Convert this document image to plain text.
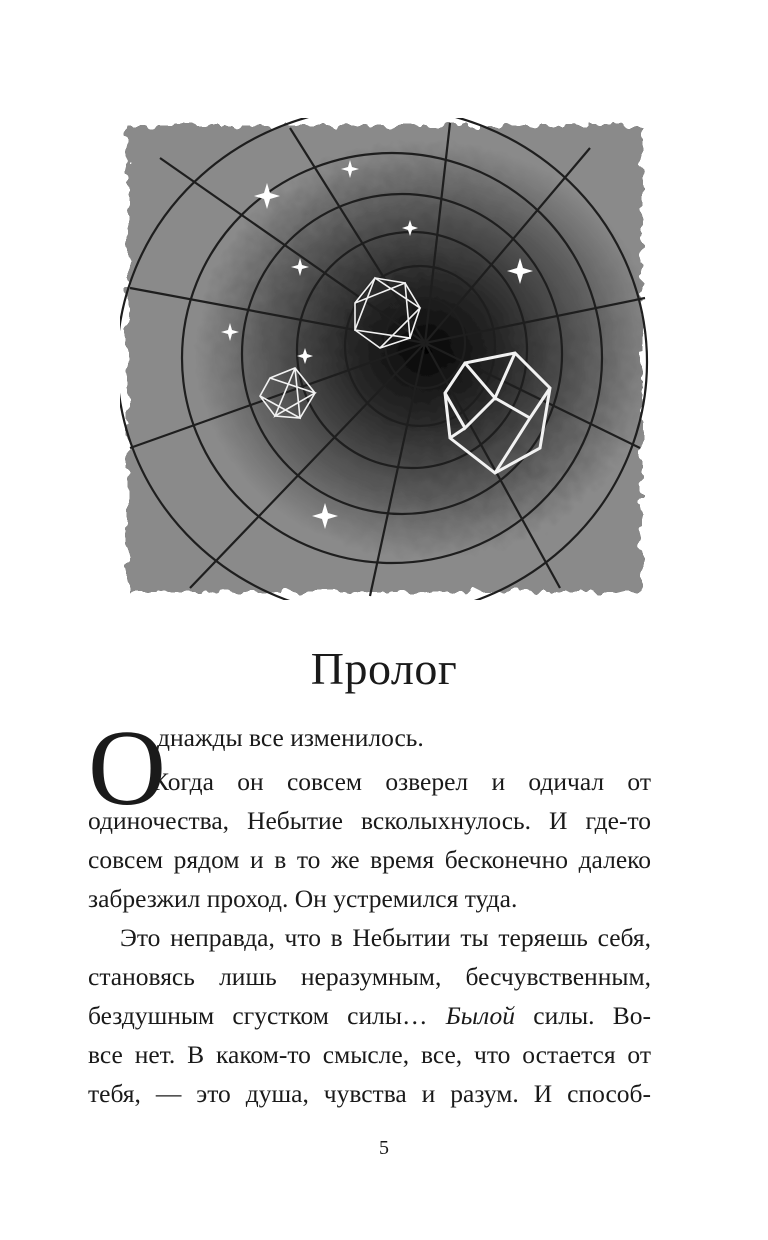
Пролог
О
днажды все изменилось.
Когда он совсем озверел и одичал от
одиночества, Небытие всколыхнулось. И где-то
совсем рядом и в то же время бесконечно далеко
забрезжил проход. Он устремился туда.
Это неправда, что в Небытии ты теряешь себя,
становясь лишь неразумным, бесчувственным,
бездушным сгустком силы… Былой силы. Во-
все нет. В каком-то смысле, все, что остается от
тебя, — это душа, чувства и разум. И способ-
5
